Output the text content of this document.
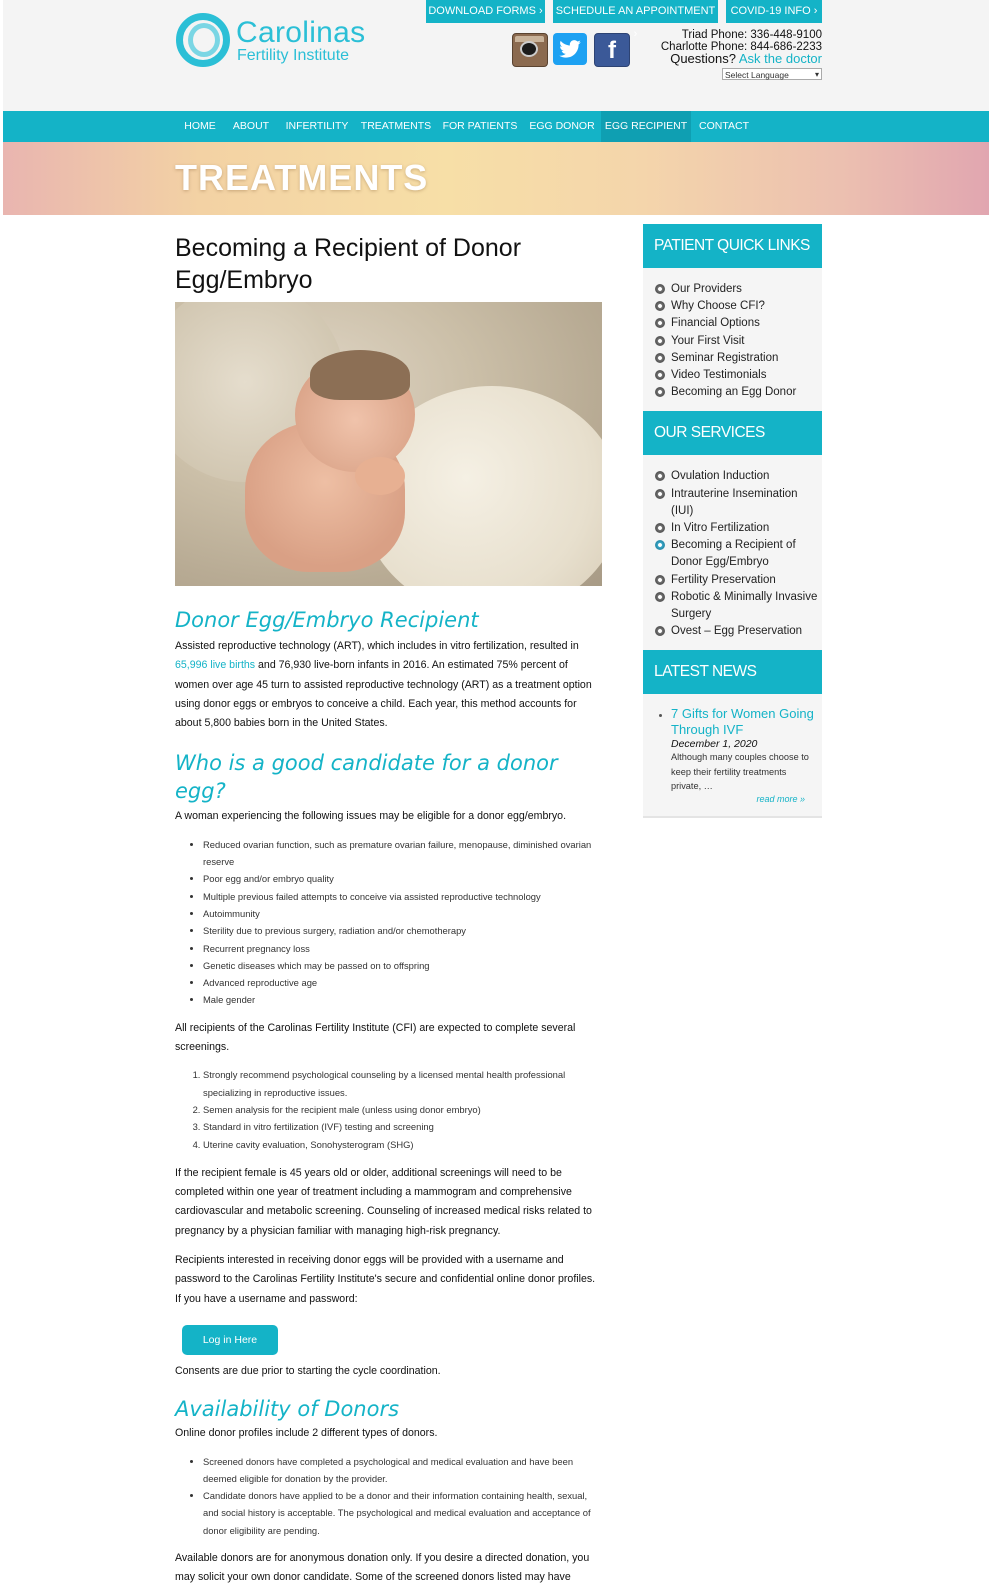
Carolinas
Fertility Institute
DOWNLOAD FORMS › SCHEDULE AN APPOINTMENT ›
COVID-19 INFO ›
f
Triad Phone: 336-448-9100
Charlotte Phone: 844-686-2233
Questions? Ask the doctor
Select Language	▾
HOME	ABOUT	INFERTILITY	TREATMENTS	FOR PATIENTS	EGG DONOR EGG RECIPIENT	CONTACT
TREATMENTS
Becoming a Recipient of Donor Egg/Embryo
Donor Egg/Embryo Recipient

Assisted reproductive technology (ART), which includes in vitro fertilization, resulted in 65,996 live births and 76,930 live-born infants in 2016. An estimated 75% percent of women over age 45 turn to assisted reproductive technology (ART) as a treatment option using donor eggs or embryos to conceive a child. Each year, this method accounts for about 5,800 babies born in the United States.

Who is a good candidate for a donor egg?

A woman experiencing the following issues may be eligible for a donor egg/embryo.

• Reduced ovarian function, such as premature ovarian failure, menopause, diminished ovarian reserve
• Poor egg and/or embryo quality
• Multiple previous failed attempts to conceive via assisted reproductive technology
• Autoimmunity
• Sterility due to previous surgery, radiation and/or chemotherapy
• Recurrent pregnancy loss
• Genetic diseases which may be passed on to offspring
• Advanced reproductive age
• Male gender

All recipients of the Carolinas Fertility Institute (CFI) are expected to complete several screenings.

1. Strongly recommend psychological counseling by a licensed mental health professional specializing in reproductive issues.
2. Semen analysis for the recipient male (unless using donor embryo)
3. Standard in vitro fertilization (IVF) testing and screening
4. Uterine cavity evaluation, Sonohysterogram (SHG)

If the recipient female is 45 years old or older, additional screenings will need to be completed within one year of treatment including a mammogram and comprehensive cardiovascular and metabolic screening. Counseling of increased medical risks related to pregnancy by a physician familiar with managing high-risk pregnancy.

Recipients interested in receiving donor eggs will be provided with a username and password to the Carolinas Fertility Institute's secure and confidential online donor profiles. If you have a username and password:

Log in Here

Consents are due prior to starting the cycle coordination.

Availability of Donors

Online donor profiles include 2 different types of donors.

• Screened donors have completed a psychological and medical evaluation and have been deemed eligible for donation by the provider.
• Candidate donors have applied to be a donor and their information containing health, sexual, and social history is acceptable. The psychological and medical evaluation and acceptance of donor eligibility are pending.

Available donors are for anonymous donation only. If you desire a directed donation, you may solicit your own donor candidate. Some of the screened donors listed may have

PATIENT QUICK LINKS
Our Providers
Why Choose CFI?
Financial Options
Your First Visit
Seminar Registration
Video Testimonials
Becoming an Egg Donor
OUR SERVICES
Ovulation Induction
Intrauterine Insemination (IUI)
In Vitro Fertilization
Becoming a Recipient of Donor Egg/Embryo
Fertility Preservation
Robotic & Minimally Invasive Surgery
Ovest – Egg Preservation
LATEST NEWS
• 7 Gifts for Women Going Through IVF
December 1, 2020
Although many couples choose to keep their fertility treatments private, …
read more »
